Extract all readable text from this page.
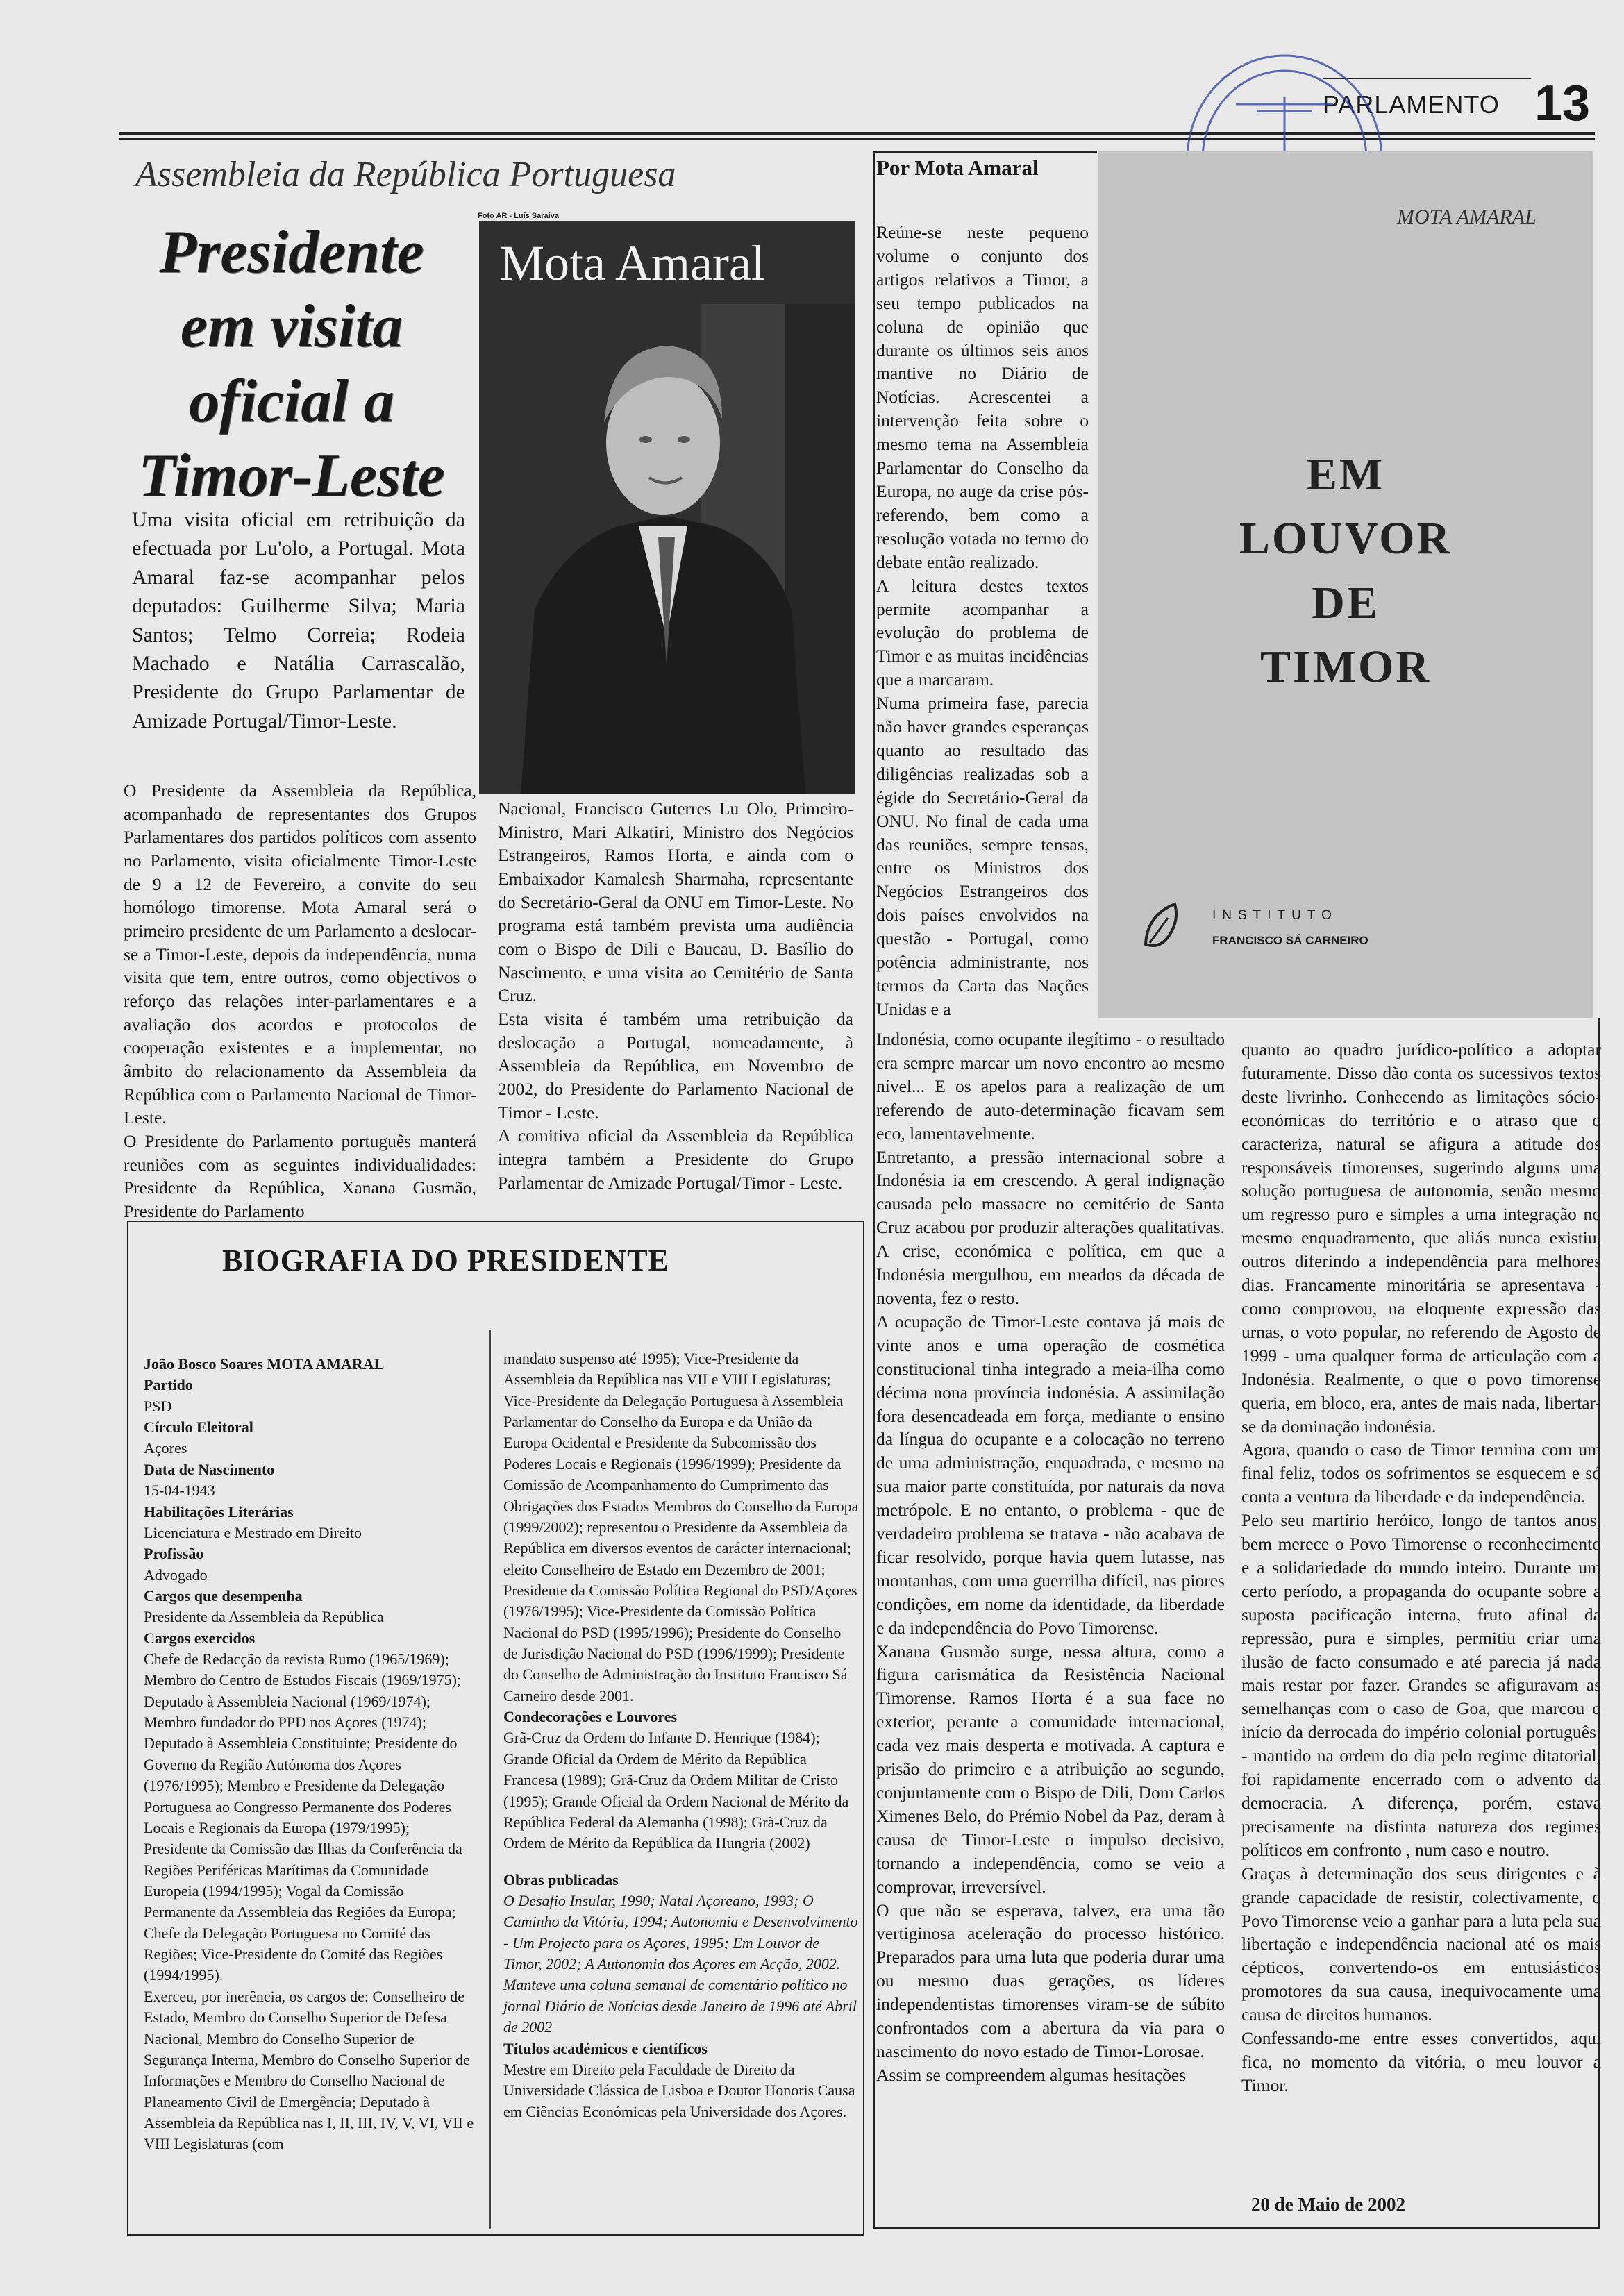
PARLAMENTO 13
Assembleia da República Portuguesa
Presidente
em visita
oficial a
Timor-Leste
Uma visita oficial em retribuição da efectuada por Lu'olo, a Portugal. Mota Amaral faz-se acompanhar pelos deputados: Guilherme Silva; Maria Santos; Telmo Correia; Rodeia Machado e Natália Carrascalão, Presidente do Grupo Parlamentar de Amizade Portugal/Timor-Leste.
Foto AR - Luís Saraiva
Mota Amaral
O Presidente da Assembleia da República, acompanhado de representantes dos Grupos Parlamentares dos partidos políticos com assento no Parlamento, visita oficialmente Timor-Leste de 9 a 12 de Fevereiro, a convite do seu homólogo timorense. Mota Amaral será o primeiro presidente de um Parlamento a deslocar-se a Timor-Leste, depois da independência, numa visita que tem, entre outros, como objectivos o reforço das relações inter-parlamentares e a avaliação dos acordos e protocolos de cooperação existentes e a implementar, no âmbito do relacionamento da Assembleia da República com o Parlamento Nacional de Timor-Leste.
O Presidente do Parlamento português manterá reuniões com as seguintes individualidades: Presidente da República, Xanana Gusmão, Presidente do Parlamento
Nacional, Francisco Guterres Lu Olo, Primeiro-Ministro, Mari Alkatiri, Ministro dos Negócios Estrangeiros, Ramos Horta, e ainda com o Embaixador Kamalesh Sharmaha, representante do Secretário-Geral da ONU em Timor-Leste. No programa está também prevista uma audiência com o Bispo de Dili e Baucau, D. Basílio do Nascimento, e uma visita ao Cemitério de Santa Cruz.
Esta visita é também uma retribuição da deslocação a Portugal, nomeadamente, à Assembleia da República, em Novembro de 2002, do Presidente do Parlamento Nacional de Timor - Leste.
A comitiva oficial da Assembleia da República integra também a Presidente do Grupo Parlamentar de Amizade Portugal/Timor - Leste.
BIOGRAFIA DO PRESIDENTE
João Bosco Soares MOTA AMARAL
Partido
PSD
Círculo Eleitoral
Açores
Data de Nascimento
15-04-1943
Habilitações Literárias
Licenciatura e Mestrado em Direito
Profissão
Advogado
Cargos que desempenha
Presidente da Assembleia da República
Cargos exercidos
Chefe de Redacção da revista Rumo (1965/1969); Membro do Centro de Estudos Fiscais (1969/1975); Deputado à Assembleia Nacional (1969/1974); Membro fundador do PPD nos Açores (1974); Deputado à Assembleia Constituinte; Presidente do Governo da Região Autónoma dos Açores (1976/1995); Membro e Presidente da Delegação Portuguesa ao Congresso Permanente dos Poderes Locais e Regionais da Europa (1979/1995); Presidente da Comissão das Ilhas da Conferência da Regiões Periféricas Marítimas da Comunidade Europeia (1994/1995); Vogal da Comissão Permanente da Assembleia das Regiões da Europa; Chefe da Delegação Portuguesa no Comité das Regiões; Vice-Presidente do Comité das Regiões (1994/1995).
Exerceu, por inerência, os cargos de: Conselheiro de Estado, Membro do Conselho Superior de Defesa Nacional, Membro do Conselho Superior de Segurança Interna, Membro do Conselho Superior de Informações e Membro do Conselho Nacional de Planeamento Civil de Emergência; Deputado à Assembleia da República nas I, II, III, IV, V, VI, VII e VIII Legislaturas (com
mandato suspenso até 1995); Vice-Presidente da Assembleia da República nas VII e VIII Legislaturas; Vice-Presidente da Delegação Portuguesa à Assembleia Parlamentar do Conselho da Europa e da União da Europa Ocidental e Presidente da Subcomissão dos Poderes Locais e Regionais (1996/1999); Presidente da Comissão de Acompanhamento do Cumprimento das Obrigações dos Estados Membros do Conselho da Europa (1999/2002); representou o Presidente da Assembleia da República em diversos eventos de carácter internacional; eleito Conselheiro de Estado em Dezembro de 2001; Presidente da Comissão Política Regional do PSD/Açores (1976/1995); Vice-Presidente da Comissão Política Nacional do PSD (1995/1996); Presidente do Conselho de Jurisdição Nacional do PSD (1996/1999); Presidente do Conselho de Administração do Instituto Francisco Sá Carneiro desde 2001.
Condecorações e Louvores
Grã-Cruz da Ordem do Infante D. Henrique (1984); Grande Oficial da Ordem de Mérito da República Francesa (1989); Grã-Cruz da Ordem Militar de Cristo (1995); Grande Oficial da Ordem Nacional de Mérito da República Federal da Alemanha (1998); Grã-Cruz da Ordem de Mérito da República da Hungria (2002)
Obras publicadas
O Desafio Insular, 1990; Natal Açoreano, 1993; O Caminho da Vitória, 1994; Autonomia e Desenvolvimento - Um Projecto para os Açores, 1995; Em Louvor de Timor, 2002; A Autonomia dos Açores em Acção, 2002. Manteve uma coluna semanal de comentário político no jornal Diário de Notícias desde Janeiro de 1996 até Abril de 2002
Títulos académicos e científicos
Mestre em Direito pela Faculdade de Direito da Universidade Clássica de Lisboa e Doutor Honoris Causa em Ciências Económicas pela Universidade dos Açores.
Por Mota Amaral
Reúne-se neste pequeno volume o conjunto dos artigos relativos a Timor, a seu tempo publicados na coluna de opinião que durante os últimos seis anos mantive no Diário de Notícias. Acrescentei a intervenção feita sobre o mesmo tema na Assembleia Parlamentar do Conselho da Europa, no auge da crise pós-referendo, bem como a resolução votada no termo do debate então realizado.
A leitura destes textos permite acompanhar a evolução do problema de Timor e as muitas incidências que a marcaram.
Numa primeira fase, parecia não haver grandes esperanças quanto ao resultado das diligências realizadas sob a égide do Secretário-Geral da ONU. No final de cada uma das reuniões, sempre tensas, entre os Ministros dos Negócios Estrangeiros dos dois países envolvidos na questão - Portugal, como potência administrante, nos termos da Carta das Nações Unidas e a
Indonésia, como ocupante ilegítimo - o resultado era sempre marcar um novo encontro ao mesmo nível... E os apelos para a realização de um referendo de auto-determinação ficavam sem eco, lamentavelmente.
Entretanto, a pressão internacional sobre a Indonésia ia em crescendo. A geral indignação causada pelo massacre no cemitério de Santa Cruz acabou por produzir alterações qualitativas. A crise, económica e política, em que a Indonésia mergulhou, em meados da década de noventa, fez o resto.
A ocupação de Timor-Leste contava já mais de vinte anos e uma operação de cosmética constitucional tinha integrado a meia-ilha como décima nona província indonésia. A assimilação fora desencadeada em força, mediante o ensino da língua do ocupante e a colocação no terreno de uma administração, enquadrada, e mesmo na sua maior parte constituída, por naturais da nova metrópole. E no entanto, o problema - que de verdadeiro problema se tratava - não acabava de ficar resolvido, porque havia quem lutasse, nas montanhas, com uma guerrilha difícil, nas piores condições, em nome da identidade, da liberdade e da independência do Povo Timorense.
Xanana Gusmão surge, nessa altura, como a figura carismática da Resistência Nacional Timorense. Ramos Horta é a sua face no exterior, perante a comunidade internacional, cada vez mais desperta e motivada. A captura e prisão do primeiro e a atribuição ao segundo, conjuntamente com o Bispo de Dili, Dom Carlos Ximenes Belo, do Prémio Nobel da Paz, deram à causa de Timor-Leste o impulso decisivo, tornando a independência, como se veio a comprovar, irreversível.
O que não se esperava, talvez, era uma tão vertiginosa aceleração do processo histórico. Preparados para uma luta que poderia durar uma ou mesmo duas gerações, os líderes independentistas timorenses viram-se de súbito confrontados com a abertura da via para o nascimento do novo estado de Timor-Lorosae.
Assim se compreendem algumas hesitações
quanto ao quadro jurídico-político a adoptar futuramente. Disso dão conta os sucessivos textos deste livrinho. Conhecendo as limitações sócio-económicas do território e o atraso que o caracteriza, natural se afigura a atitude dos responsáveis timorenses, sugerindo alguns uma solução portuguesa de autonomia, senão mesmo um regresso puro e simples a uma integração no mesmo enquadramento, que aliás nunca existiu, outros diferindo a independência para melhores dias. Francamente minoritária se apresentava - como comprovou, na eloquente expressão das urnas, o voto popular, no referendo de Agosto de 1999 - uma qualquer forma de articulação com a Indonésia. Realmente, o que o povo timorense queria, em bloco, era, antes de mais nada, libertar-se da dominação indonésia.
Agora, quando o caso de Timor termina com um final feliz, todos os sofrimentos se esquecem e só conta a ventura da liberdade e da independência.
Pelo seu martírio heróico, longo de tantos anos, bem merece o Povo Timorense o reconhecimento e a solidariedade do mundo inteiro. Durante um certo período, a propaganda do ocupante sobre a suposta pacificação interna, fruto afinal da repressão, pura e simples, permitiu criar uma ilusão de facto consumado e até parecia já nada mais restar por fazer. Grandes se afiguravam as semelhanças com o caso de Goa, que marcou o início da derrocada do império colonial português: - mantido na ordem do dia pelo regime ditatorial, foi rapidamente encerrado com o advento da democracia. A diferença, porém, estava precisamente na distinta natureza dos regimes políticos em confronto , num caso e noutro.
Graças à determinação dos seus dirigentes e à grande capacidade de resistir, colectivamente, o Povo Timorense veio a ganhar para a luta pela sua libertação e independência nacional até os mais cépticos, convertendo-os em entusiásticos promotores da sua causa, inequivocamente uma causa de direitos humanos.
Confessando-me entre esses convertidos, aqui fica, no momento da vitória, o meu louvor a Timor.
20 de Maio de 2002
MOTA AMARAL
EM
LOUVOR
DE
TIMOR
INSTITUTO
FRANCISCO SÁ CARNEIRO
